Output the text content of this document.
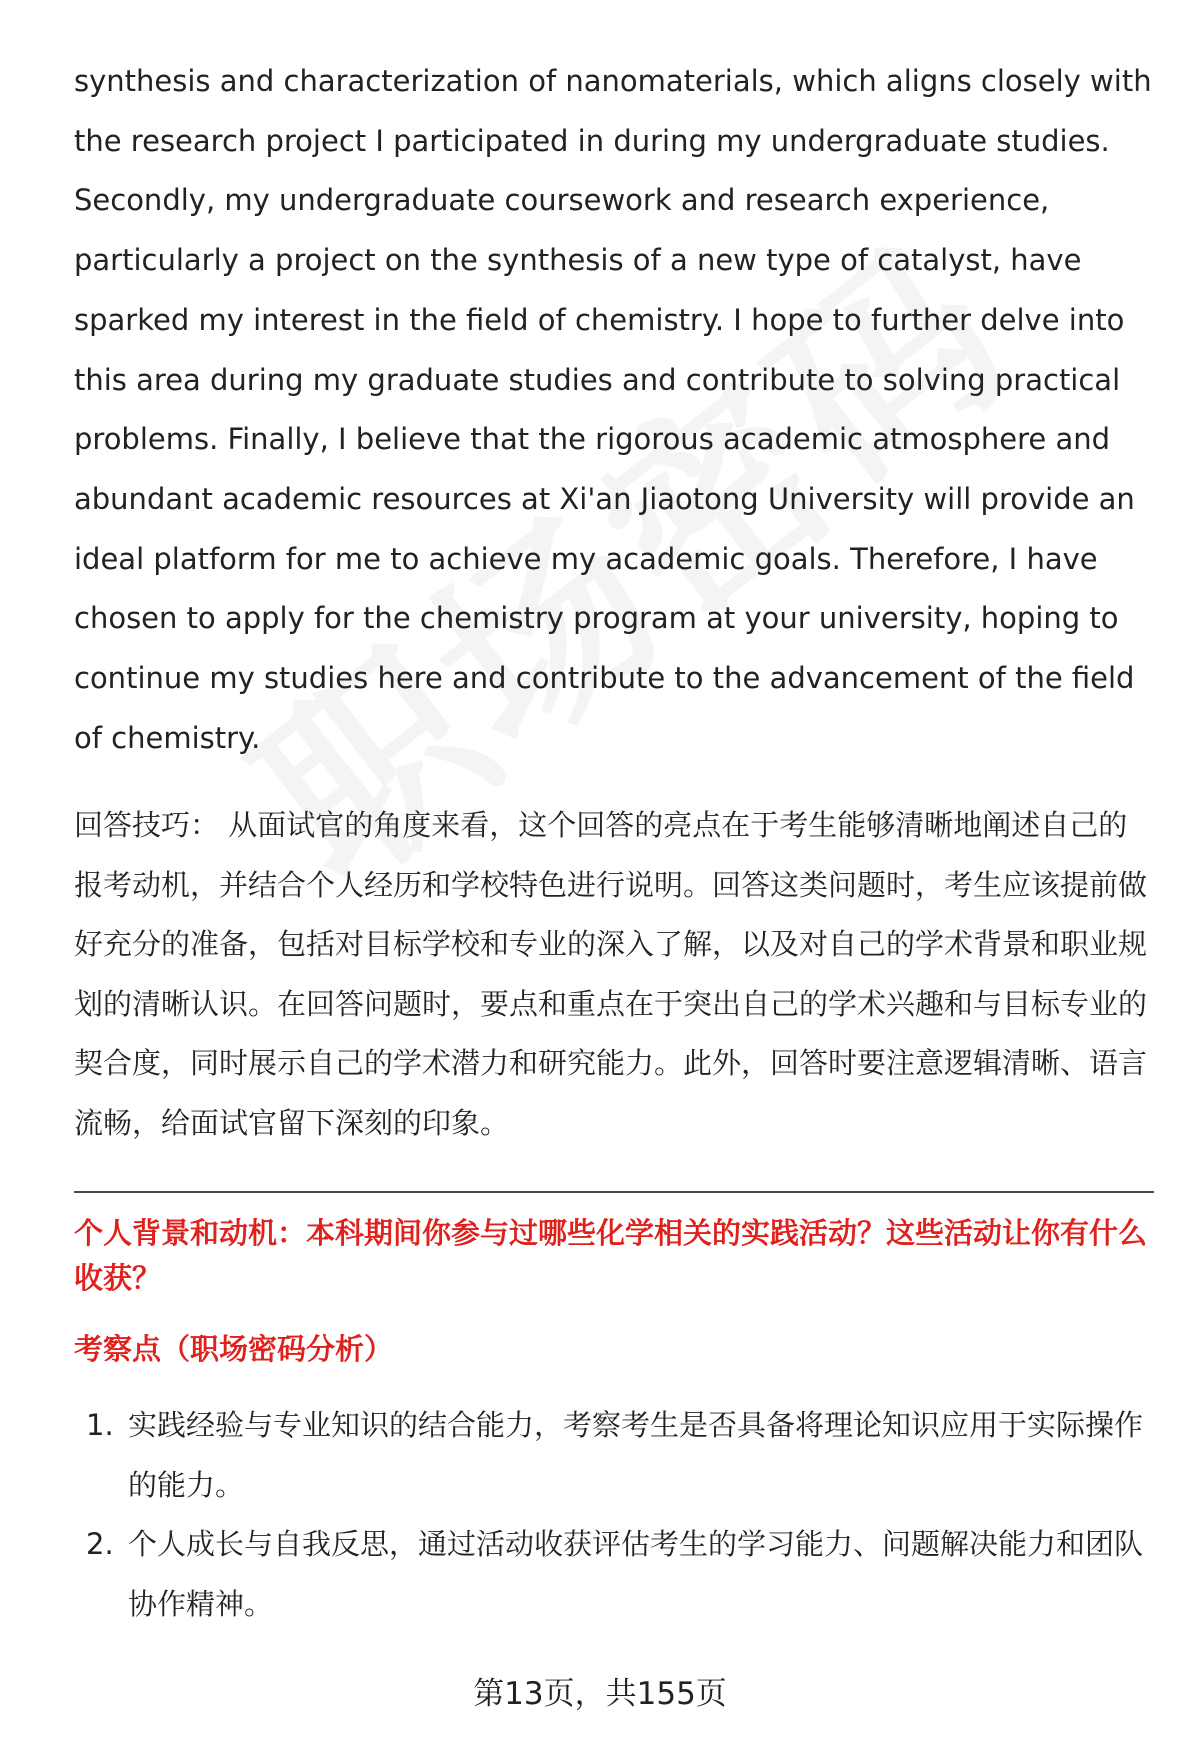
synthesis and characterization of nanomaterials, which aligns closely with the research project I participated in during my undergraduate studies. Secondly, my undergraduate coursework and research experience, particularly a project on the synthesis of a new type of catalyst, have sparked my interest in the field of chemistry. I hope to further delve into this area during my graduate studies and contribute to solving practical problems. Finally, I believe that the rigorous academic atmosphere and abundant academic resources at Xi'an Jiaotong University will provide an ideal platform for me to achieve my academic goals. Therefore, I have chosen to apply for the chemistry program at your university, hoping to continue my studies here and contribute to the advancement of the field of chemistry.

回答技巧： 从面试官的角度来看，这个回答的亮点在于考生能够清晰地阐述自己的报考动机，并结合个人经历和学校特色进行说明。回答这类问题时，考生应该提前做好充分的准备，包括对目标学校和专业的深入了解，以及对自己的学术背景和职业规划的清晰认识。在回答问题时，要点和重点在于突出自己的学术兴趣和与目标专业的契合度，同时展示自己的学术潜力和研究能力。此外，回答时要注意逻辑清晰、语言流畅，给面试官留下深刻的印象。

个人背景和动机：本科期间你参与过哪些化学相关的实践活动？这些活动让你有什么收获？
考察点（职场密码分析）
1. 实践经验与专业知识的结合能力，考察考生是否具备将理论知识应用于实际操作的能力。
2. 个人成长与自我反思，通过活动收获评估考生的学习能力、问题解决能力和团队协作精神。
第13页，共155页
